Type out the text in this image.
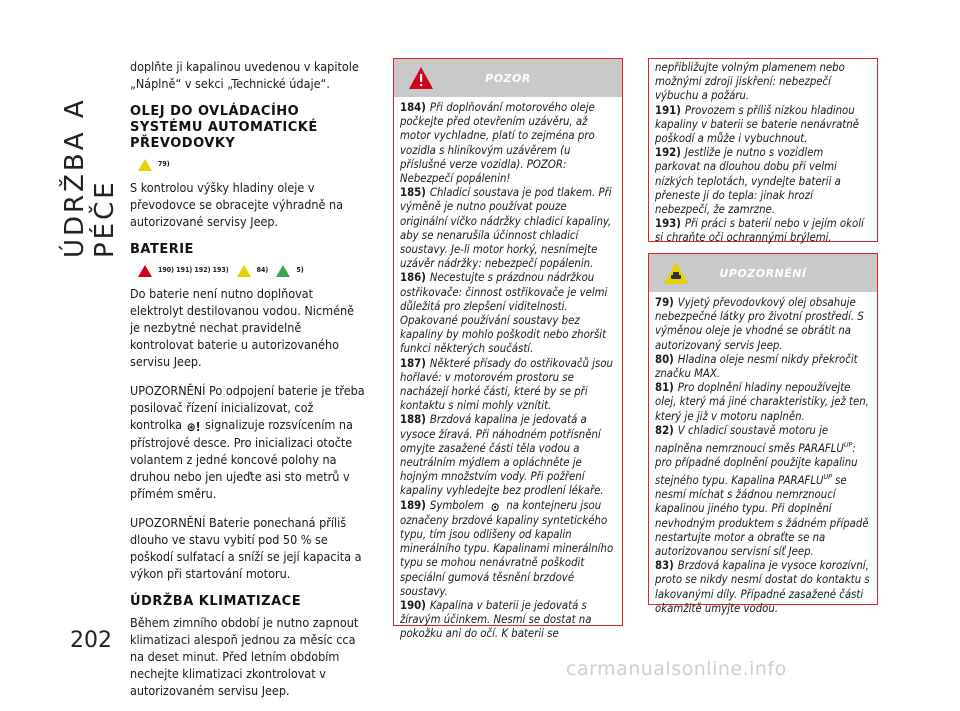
ÚDRŽBA A PÉČE

doplňte ji kapalinou uvedenou v kapitole „Náplně“ v sekci „Technické údaje“.

OLEJ DO OVLÁDACÍHO SYSTÉMU AUTOMATICKÉ PŘEVODOVKY
79)

S kontrolou výšky hladiny oleje v převodovce se obracejte výhradně na autorizované servisy Jeep.

BATERIE
190) 191) 192) 193)	84)	5)

Do baterie není nutno doplňovat elektrolyt destilovanou vodou. Nicméně je nezbytné nechat pravidelně kontrolovat baterie u autorizovaného servisu Jeep.

UPOZORNĚNÍ Po odpojení baterie je třeba posilovač řízení inicializovat, což kontrolka ⊛! signalizuje rozsvícením na přístrojové desce. Pro inicializaci otočte volantem z jedné koncové polohy na druhou nebo jen ujeďte asi sto metrů v přímém směru.

UPOZORNĚNÍ Baterie ponechaná příliš dlouho ve stavu vybití pod 50 % se poškodí sulfatací a sníží se její kapacita a výkon při startování motoru.

ÚDRŽBA KLIMATIZACE

Během zimního období je nutno zapnout klimatizaci alespoň jednou za měsíc cca na deset minut. Před letním obdobím nechejte klimatizaci zkontrolovat v autorizovaném servisu Jeep.

POZOR

184) Při doplňování motorového oleje počkejte před otevřením uzávěru, až motor vychladne, platí to zejména pro vozidla s hliníkovým uzávěrem (u příslušné verze vozidla). POZOR: Nebezpečí popálenin!

185) Chladicí soustava je pod tlakem. Při výměně je nutno používat pouze originální víčko nádržky chladicí kapaliny, aby se nenarušila účinnost chladicí soustavy. Je-li motor horký, nesnímejte uzávěr nádržky: nebezpečí popálenin.

186) Necestujte s prázdnou nádržkou ostřikovače: činnost ostřikovače je velmi důležitá pro zlepšení viditelnosti. Opakované používání soustavy bez kapaliny by mohlo poškodit nebo zhoršit funkci některých součástí.

187) Některé přísady do ostřikovačů jsou hořlavé: v motorovém prostoru se nacházejí horké části, které by se při kontaktu s nimi mohly vznítit.

188) Brzdová kapalina je jedovatá a vysoce žíravá. Při náhodném potřísnění omyjte zasažené části těla vodou a neutrálním mýdlem a opláchněte je hojným množstvím vody. Při požření kapaliny vyhledejte bez prodlení lékaře.

189) Symbolem ⊙ na kontejneru jsou označeny brzdové kapaliny syntetického typu, tím jsou odlišeny od kapalin minerálního typu. Kapalinami minerálního typu se mohou nenávratně poškodit speciální gumová těsnění brzdové soustavy.

190) Kapalina v baterii je jedovatá s žíravým účinkem. Nesmí se dostat na pokožku ani do očí. K baterii se

nepřibližujte volným plamenem nebo možnými zdroji jiskření: nebezpečí výbuchu a požáru.

191) Provozem s příliš nízkou hladinou kapaliny v baterii se baterie nenávratně poškodí a může i vybuchnout.

192) Jestliže je nutno s vozidlem parkovat na dlouhou dobu při velmi nízkých teplotách, vyndejte baterii a přeneste ji do tepla: jinak hrozí nebezpečí, že zamrzne.

193) Při práci s baterií nebo v jejím okolí si chraňte oči ochrannými brýlemi.

UPOZORNĚNÍ

79) Vyjetý převodovkový olej obsahuje nebezpečné látky pro životní prostředí. S výměnou oleje je vhodné se obrátit na autorizovaný servis Jeep.

80) Hladina oleje nesmí nikdy překročit značku MAX.

81) Pro doplnění hladiny nepoužívejte olej, který má jiné charakteristiky, jež ten, který je již v motoru naplněn.

82) V chladicí soustavě motoru je naplněna nemrznoucí směs $PARAFLU^{UP}$: pro případné doplnění použijte kapalinu stejného typu. Kapalina $PARAFLU^{UP}$ se nesmí míchat s žádnou nemrznoucí kapalinou jiného typu. Při doplnění nevhodným produktem s žádném případě nestartujte motor a obraťte se na autorizovanou servisní síť Jeep.

83) Brzdová kapalina je vysoce korozívní, proto se nikdy nesmí dostat do kontaktu s lakovanými díly. Případné zasažené části okamžitě umyjte vodou.

202
carmanualsonline.info
